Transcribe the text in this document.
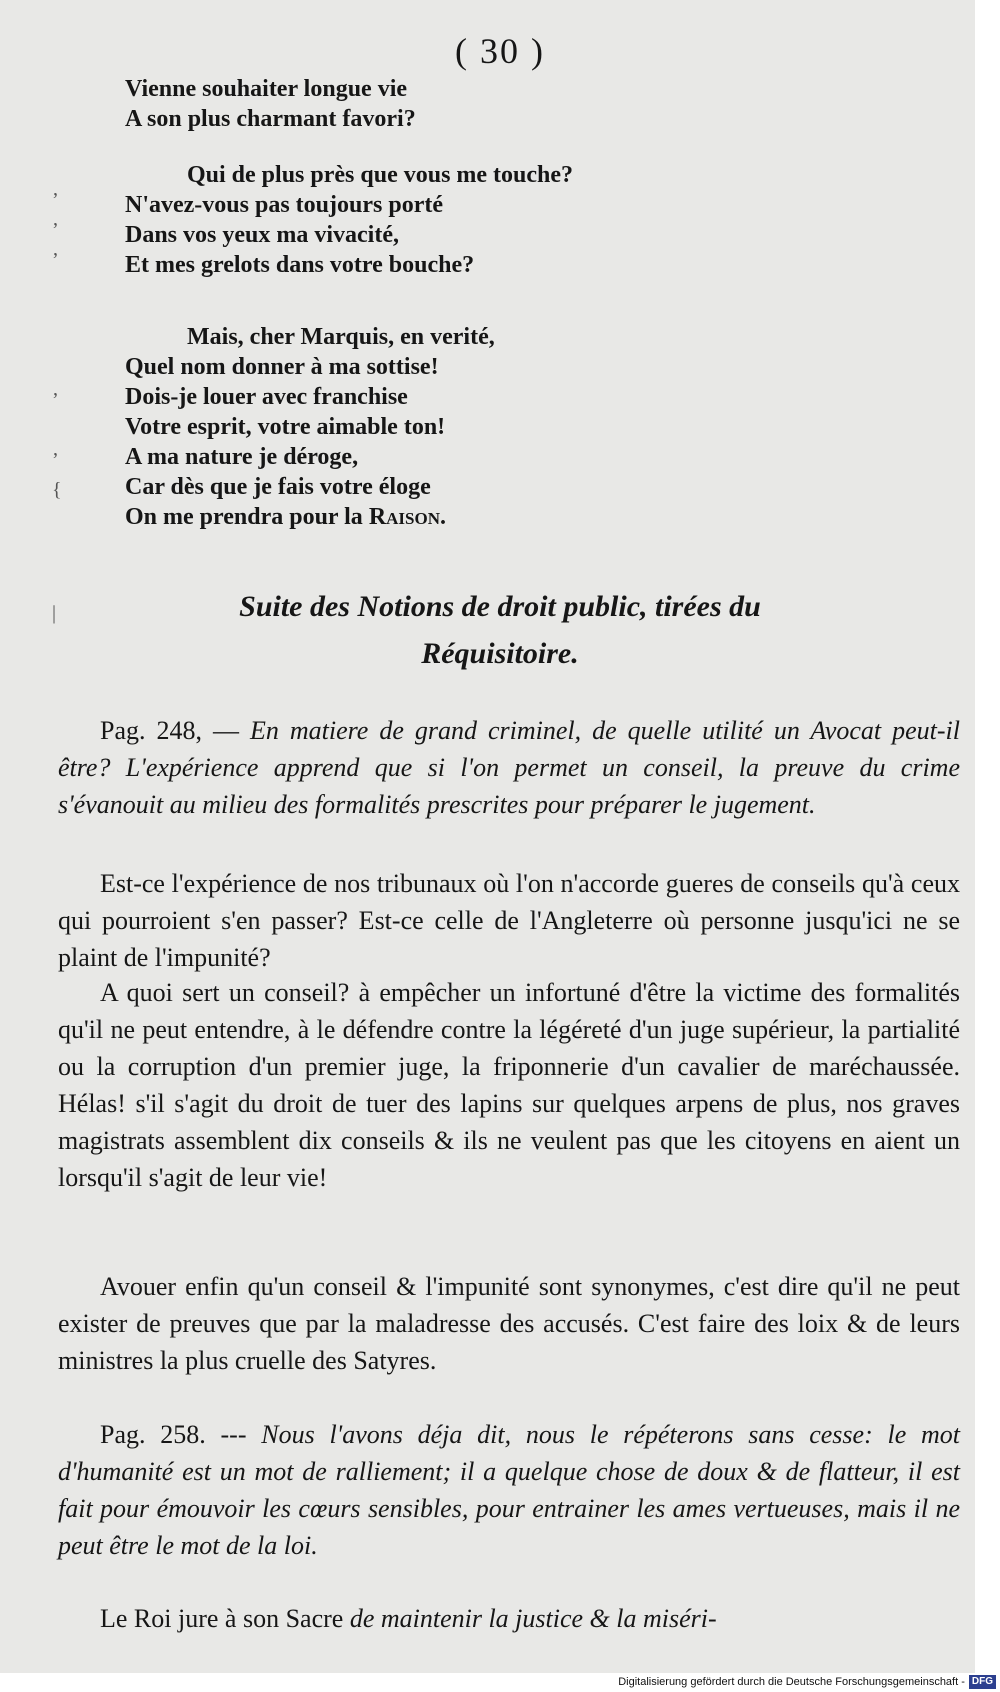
( 30 )
Vienne souhaiter longue vie
A son plus charmant favori?
Qui de plus près que vous me touche?
N'avez-vous pas toujours porté
Dans vos yeux ma vivacité,
Et mes grelots dans votre bouche?
Mais, cher Marquis, en verité,
Quel nom donner à ma sottise!
Dois-je louer avec franchise
Votre esprit, votre aimable ton!
A ma nature je déroge,
Car dès que je fais votre éloge
On me prendra pour la Raison.
Suite des Notions de droit public, tirées du
Réquisitoire.

Pag. 248, — En matiere de grand criminel, de quelle utilité un Avocat peut-il être? L'expérience apprend que si l'on permet un conseil, la preuve du crime s'évanouit au milieu des formalités prescrites pour préparer le jugement.

Est-ce l'expérience de nos tribunaux où l'on n'accorde gueres de conseils qu'à ceux qui pourroient s'en passer? Est-ce celle de l'Angleterre où personne jusqu'ici ne se plaint de l'impunité?

A quoi sert un conseil? à empêcher un infortuné d'être la victime des formalités qu'il ne peut entendre, à le défendre contre la légéreté d'un juge supérieur, la partialité ou la corruption d'un premier juge, la friponnerie d'un cavalier de maréchaussée. Hélas! s'il s'agit du droit de tuer des lapins sur quelques arpens de plus, nos graves magistrats assemblent dix conseils & ils ne veulent pas que les citoyens en aient un lorsqu'il s'agit de leur vie!

Avouer enfin qu'un conseil & l'impunité sont synonymes, c'est dire qu'il ne peut exister de preuves que par la maladresse des accusés. C'est faire des loix & de leurs ministres la plus cruelle des Satyres.

Pag. 258. --- Nous l'avons déja dit, nous le répéterons sans cesse: le mot d'humanité est un mot de ralliement; il a quelque chose de doux & de flatteur, il est fait pour émouvoir les cœurs sensibles, pour entrainer les ames vertueuses, mais il ne peut être le mot de la loi.

Le Roi jure à son Sacre de maintenir la justice & la miséri-

’
’
’
’

’
{
|
Digitalisierung gefördert durch die Deutsche Forschungsgemeinschaft - DFG
